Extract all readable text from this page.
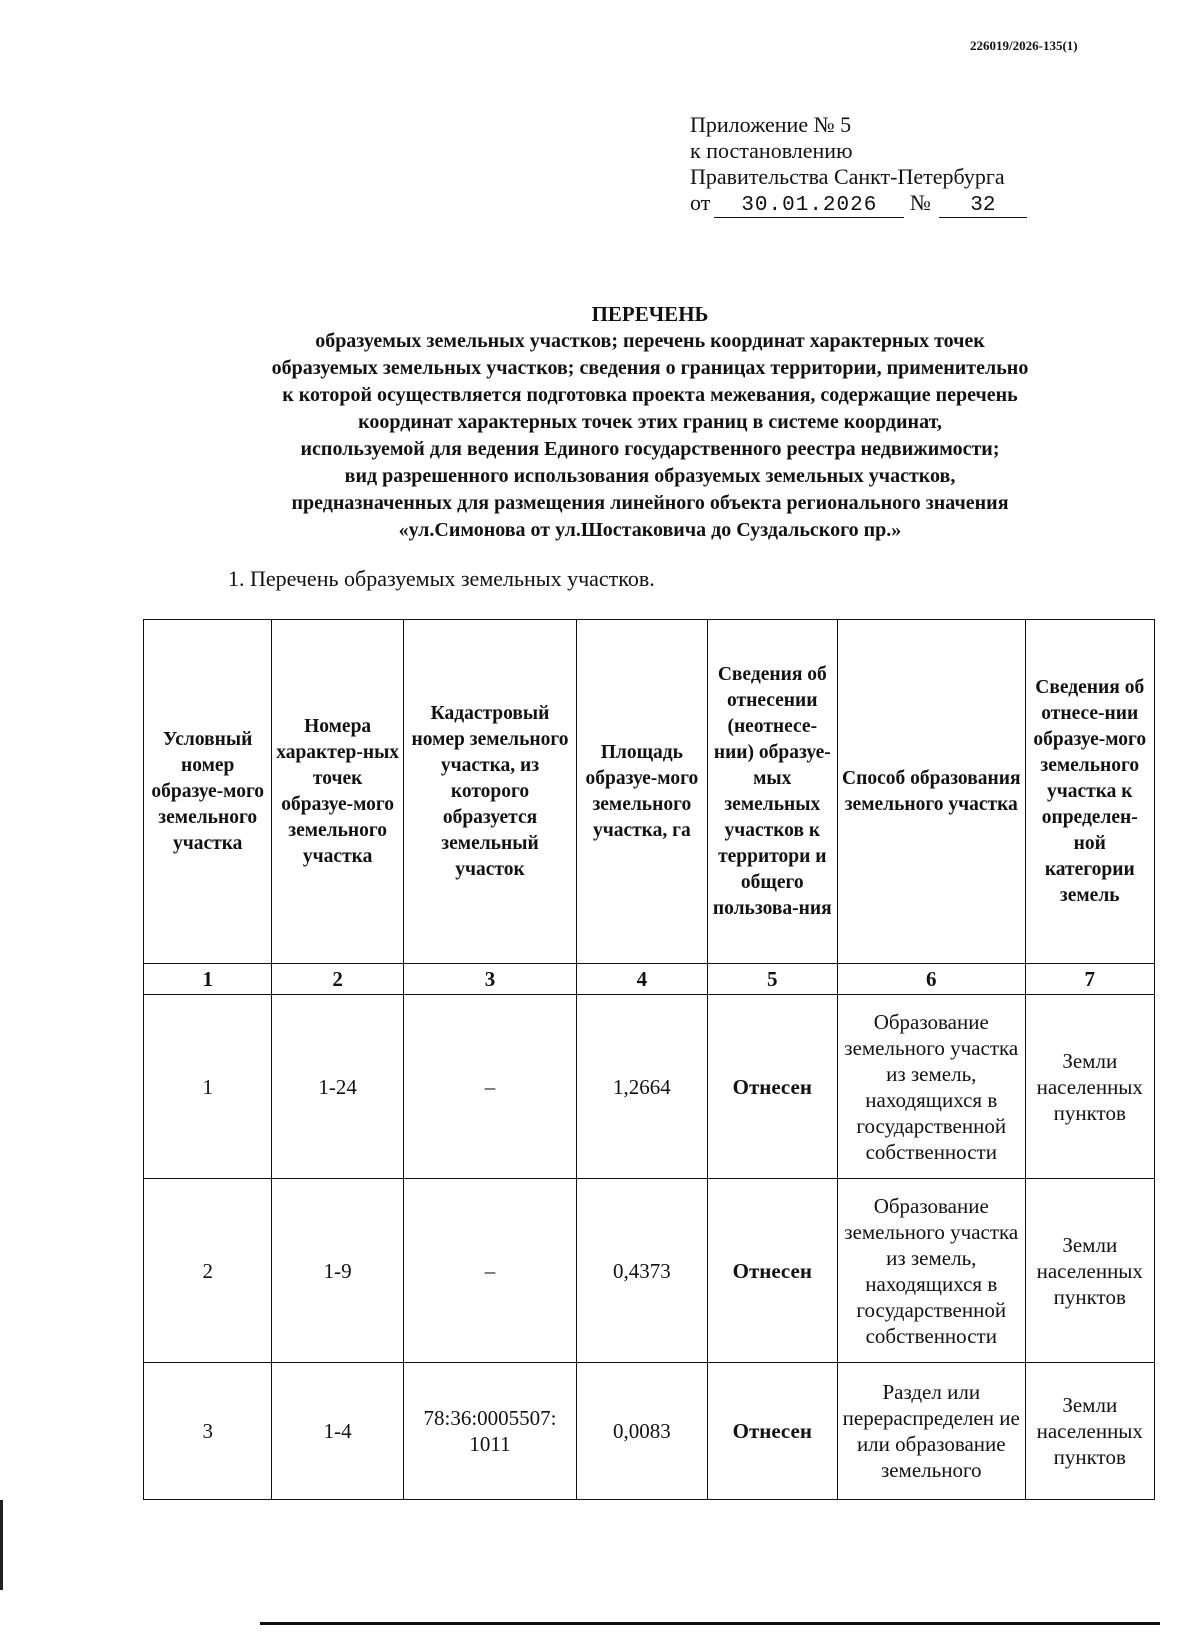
226019/2026-135(1)
Приложение № 5
к постановлению
Правительства Санкт-Петербурга
от 30.01.2026 № 32
ПЕРЕЧЕНЬ
образуемых земельных участков; перечень координат характерных точек
образуемых земельных участков; сведения о границах территории, применительно
к которой осуществляется подготовка проекта межевания, содержащие перечень
координат характерных точек этих границ в системе координат,
используемой для ведения Единого государственного реестра недвижимости;
вид разрешенного использования образуемых земельных участков,
предназначенных для размещения линейного объекта регионального значения
«ул.Симонова от ул.Шостаковича до Суздальского пр.»
1. Перечень образуемых земельных участков.
Условный номер образуе-мого земельного участка	Номера характер-ных точек образуе-мого земельного участка	Кадастровый номер земельного участка, из которого образуется земельный участок	Площадь образуе-мого земельного участка, га	Сведения об отнесении (неотнесе-нии) образуе-мых земельных участков к территори и общего пользова-ния	Способ образования земельного участка	Сведения об отнесе-нии образуе-мого земельного участка к определен-ной категории земель
1	2	3	4	5	6	7
1	1-24	–	1,2664	Отнесен	Образование земельного участка из земель, находящихся в государственной собственности	Земли населенных пунктов
2	1-9	–	0,4373	Отнесен	Образование земельного участка из земель, находящихся в государственной собственности	Земли населенных пунктов
3	1-4	78:36:0005507: 1011	0,0083	Отнесен	Раздел или перераспределен ие или образование земельного	Земли населенных пунктов
